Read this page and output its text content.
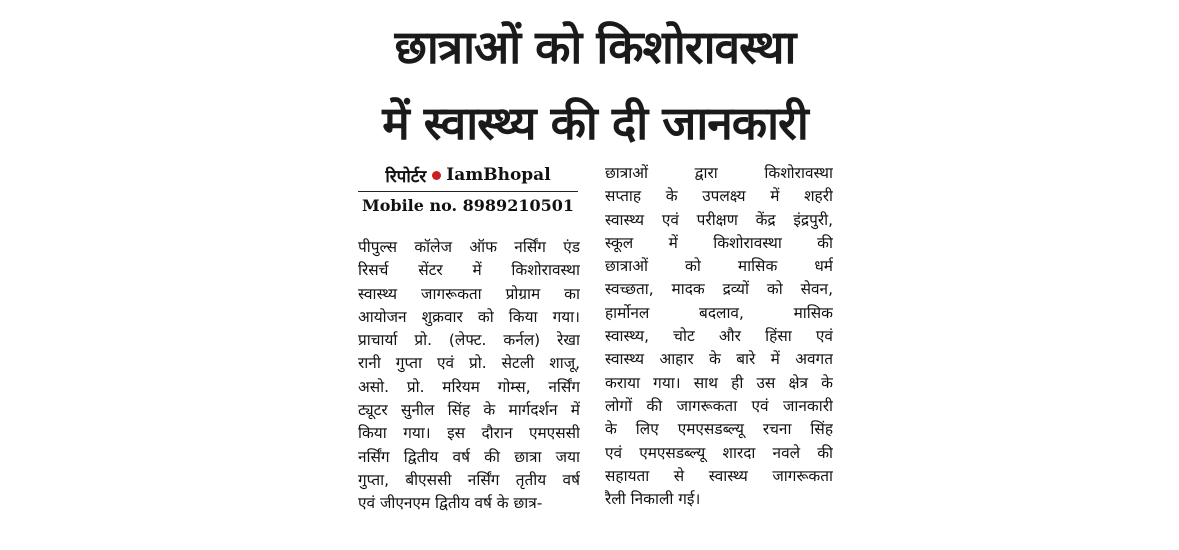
छात्राओं को किशोरावस्था
में स्वास्थ्य की दी जानकारी
रिपोर्टर IamBhopal
Mobile no. 8989210501
पीपुल्स कॉलेज ऑफ नर्सिंग एंड
रिसर्च सेंटर में किशोरावस्था
स्वास्थ्य जागरूकता प्रोग्राम का
आयोजन शुक्रवार को किया गया।
प्राचार्या प्रो. (लेफ्ट. कर्नल) रेखा
रानी गुप्ता एवं प्रो. सेटली शाजू,
असो. प्रो. मरियम गोम्स, नर्सिंग
ट्यूटर सुनील सिंह के मार्गदर्शन में
किया गया। इस दौरान एमएससी
नर्सिंग द्वितीय वर्ष की छात्रा जया
गुप्ता, बीएससी नर्सिंग तृतीय वर्ष
एवं जीएनएम द्वितीय वर्ष के छात्र-
छात्राओं द्वारा किशोरावस्था
सप्ताह के उपलक्ष्य में शहरी
स्वास्थ्य एवं परीक्षण केंद्र इंद्रपुरी,
स्कूल में किशोरावस्था की
छात्राओं को मासिक धर्म
स्वच्छता, मादक द्रव्यों को सेवन,
हार्मोनल बदलाव, मासिक
स्वास्थ्य, चोट और हिंसा एवं
स्वास्थ्य आहार के बारे में अवगत
कराया गया। साथ ही उस क्षेत्र के
लोगों की जागरूकता एवं जानकारी
के लिए एमएसडब्ल्यू रचना सिंह
एवं एमएसडब्ल्यू शारदा नवले की
सहायता से स्वास्थ्य जागरूकता
रैली निकाली गई।
